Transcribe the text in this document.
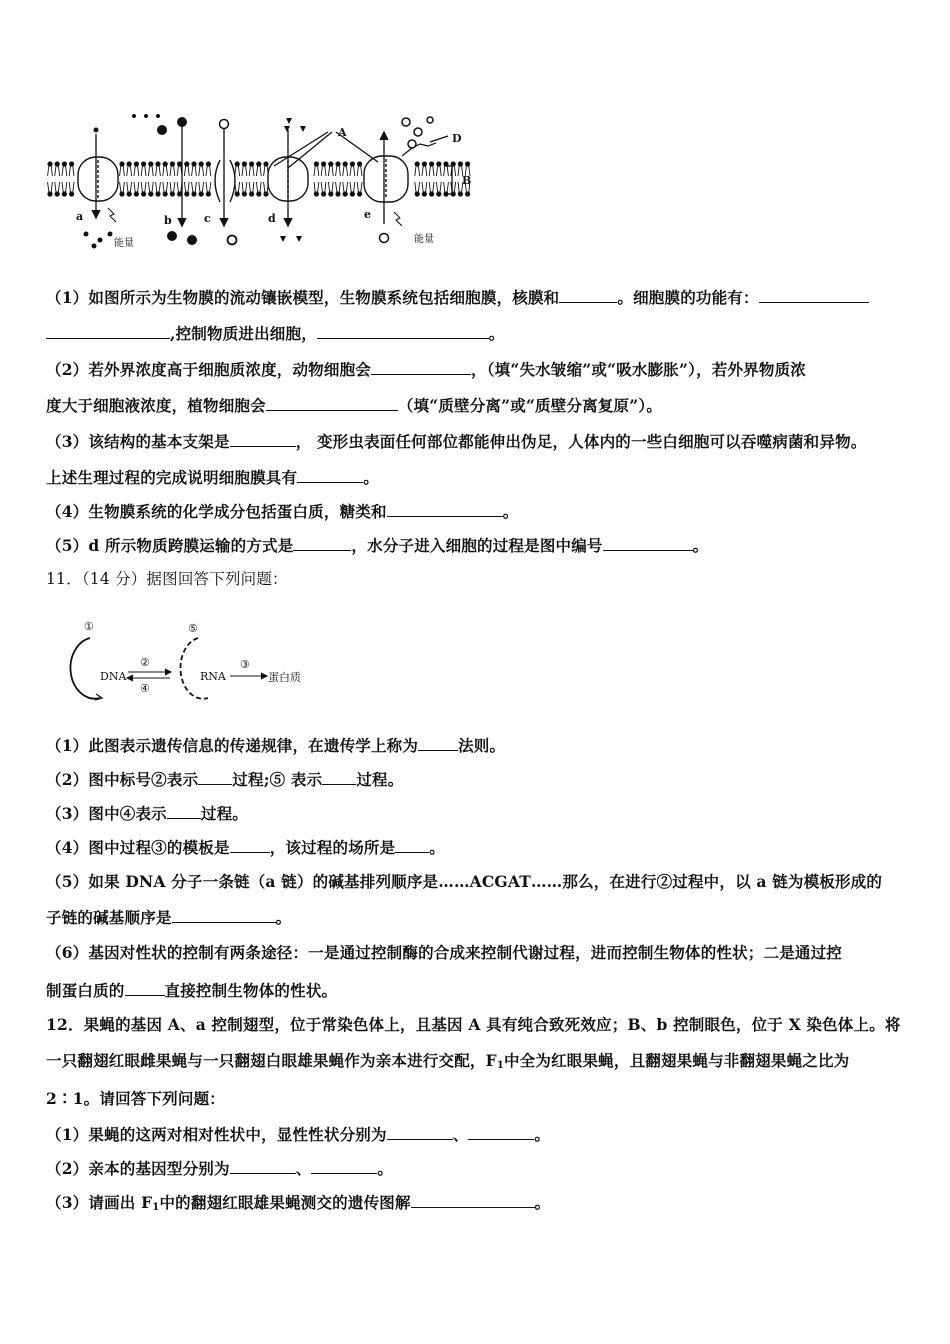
A
B
D
a	b	c	d	e
能量	能量
（1）如图所示为生物膜的流动镶嵌模型，生物膜系统包括细胞膜，核膜和	。细胞膜的功能有：
,控制物质进出细胞，	。
（2）若外界浓度高于细胞质浓度，动物细胞会	，（填“失水皱缩”或“吸水膨胀”），若外界物质浓
度大于细胞液浓度，植物细胞会	（填“质壁分离”或“质壁分离复原”）。
（3）该结构的基本支架是	， 变形虫表面任何部位都能伸出伪足，人体内的一些白细胞可以吞噬病菌和异物。
上述生理过程的完成说明细胞膜具有	。
（4）生物膜系统的化学成分包括蛋白质，糖类和	。
（5）d 所示物质跨膜运输的方式是	，水分子进入细胞的过程是图中编号	。
11．（14 分）据图回答下列问题：
①
②	③
④
⑤
DNA	RNA	蛋白质
（1）此图表示遗传信息的传递规律，在遗传学上称为	法则。
（2）图中标号②表示 过程;⑤ 表示 过程。
（3）图中④表示 过程。
（4）图中过程③的模板是	，该过程的场所是 。
（5）如果 DNA 分子一条链（a 链）的碱基排列顺序是……ACGAT……那么，在进行②过程中，以 a 链为模板形成的
子链的碱基顺序是	。
（6）基因对性状的控制有两条途径：一是通过控制酶的合成来控制代谢过程，进而控制生物体的性状；二是通过控
制蛋白质的	直接控制生物体的性状。
12．果蝇的基因 A、a 控制翅型，位于常染色体上，且基因 A 具有纯合致死效应；B、b 控制眼色，位于 X 染色体上。将
一只翻翅红眼雌果蝇与一只翻翅白眼雄果蝇作为亲本进行交配，$F_1$中全为红眼果蝇，且翻翅果蝇与非翻翅果蝇之比为
2∶1。请回答下列问题：
（1）果蝇的这两对相对性状中，显性性状分别为	、	。
（2）亲本的基因型分别为	、	。
（3）请画出 $F_1$中的翻翅红眼雄果蝇测交的遗传图解	。
